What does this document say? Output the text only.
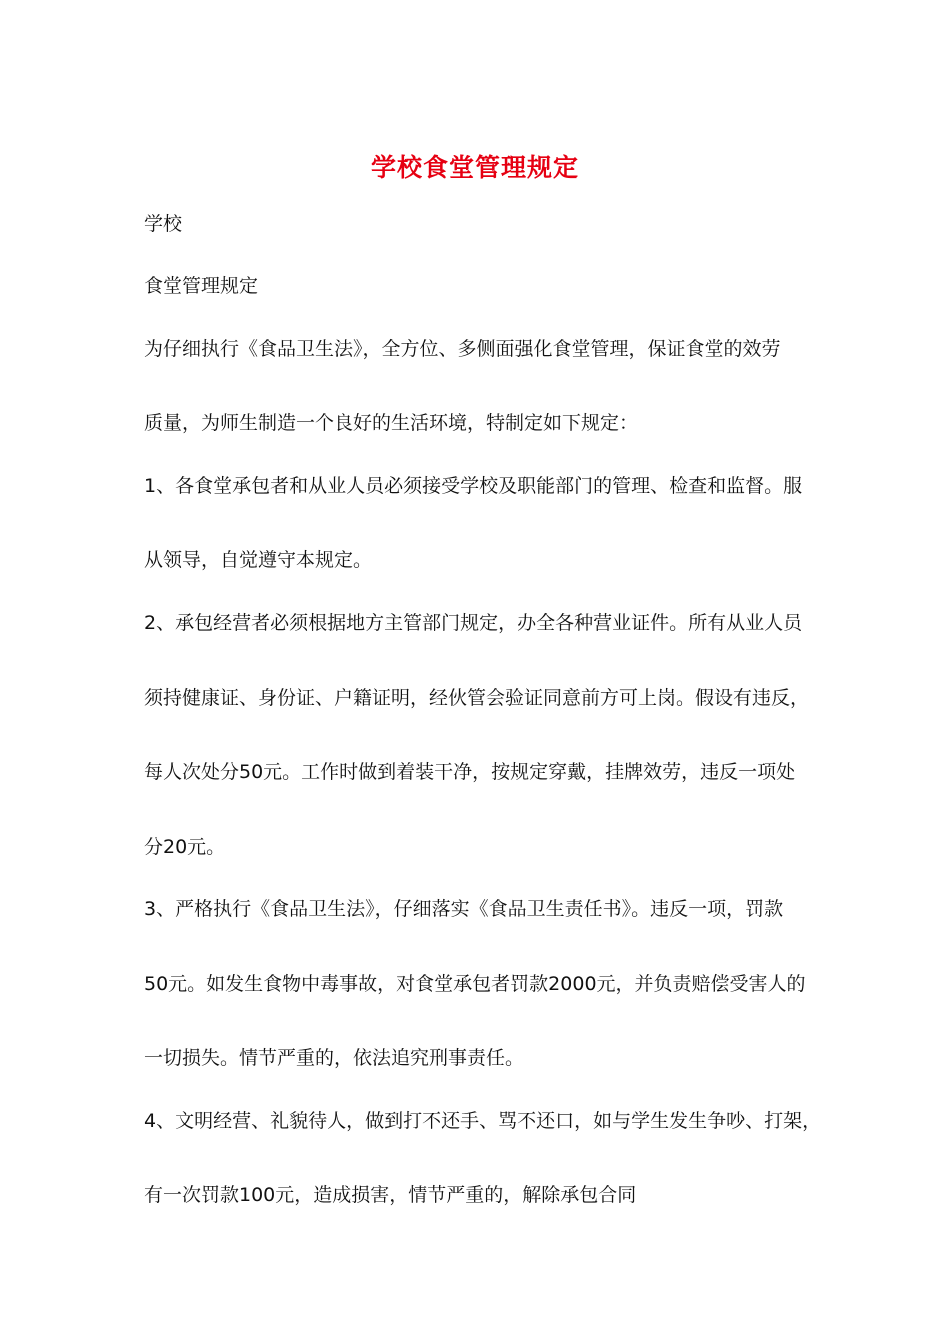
学校食堂管理规定
学校
食堂管理规定
为仔细执行《食品卫生法》，全方位、多侧面强化食堂管理，保证食堂的效劳
质量，为师生制造一个良好的生活环境，特制定如下规定：
1、各食堂承包者和从业人员必须接受学校及职能部门的管理、检查和监督。服
从领导，自觉遵守本规定。
2、承包经营者必须根据地方主管部门规定，办全各种营业证件。所有从业人员
须持健康证、身份证、户籍证明，经伙管会验证同意前方可上岗。假设有违反，
每人次处分50元。工作时做到着装干净，按规定穿戴，挂牌效劳，违反一项处
分20元。
3、严格执行《食品卫生法》，仔细落实《食品卫生责任书》。违反一项，罚款
50元。如发生食物中毒事故，对食堂承包者罚款2000元，并负责赔偿受害人的
一切损失。情节严重的，依法追究刑事责任。
4、文明经营、礼貌待人，做到打不还手、骂不还口，如与学生发生争吵、打架，
有一次罚款100元，造成损害，情节严重的，解除承包合同
